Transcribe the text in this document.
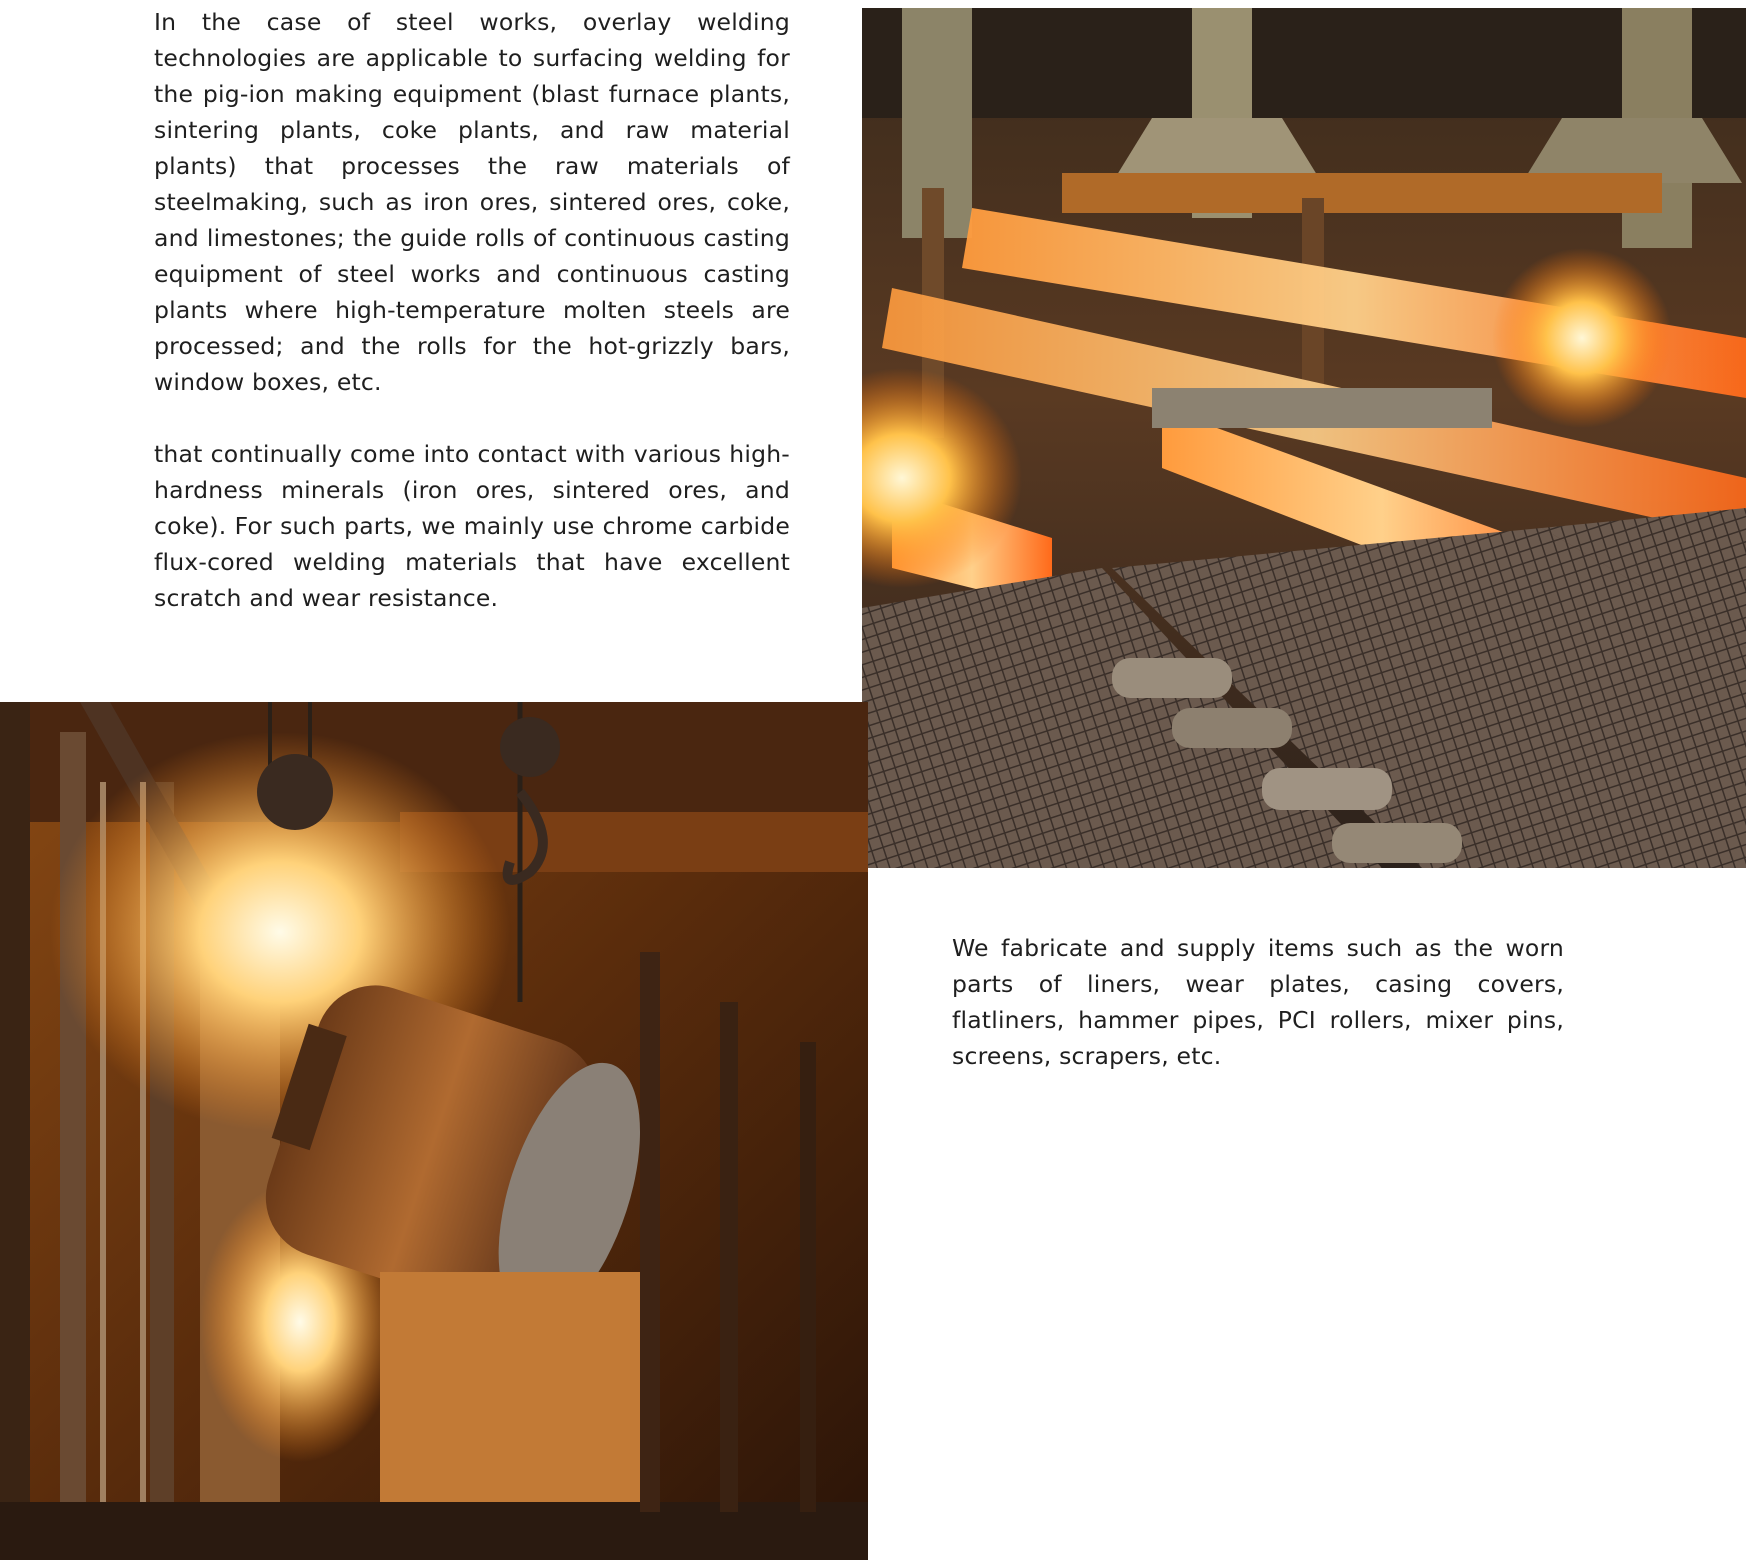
In the case of steel works, overlay welding technologies are applicable to surfacing welding for the pig-ion making equipment (blast furnace plants, sintering plants, coke plants, and raw material plants) that processes the raw materials of steelmaking, such as iron ores, sintered ores, coke, and limestones; the guide rolls of continuous casting equipment of steel works and continuous casting plants where high-temperature molten steels are processed; and the rolls for the hot-grizzly bars, window boxes, etc.

that continually come into contact with various high-hardness minerals (iron ores, sintered ores, and coke). For such parts, we mainly use chrome carbide flux-cored welding materials that have excellent scratch and wear resistance.

We fabricate and supply items such as the worn parts of liners, wear plates, casing covers, flatliners, hammer pipes, PCI rollers, mixer pins, screens, scrapers, etc.
